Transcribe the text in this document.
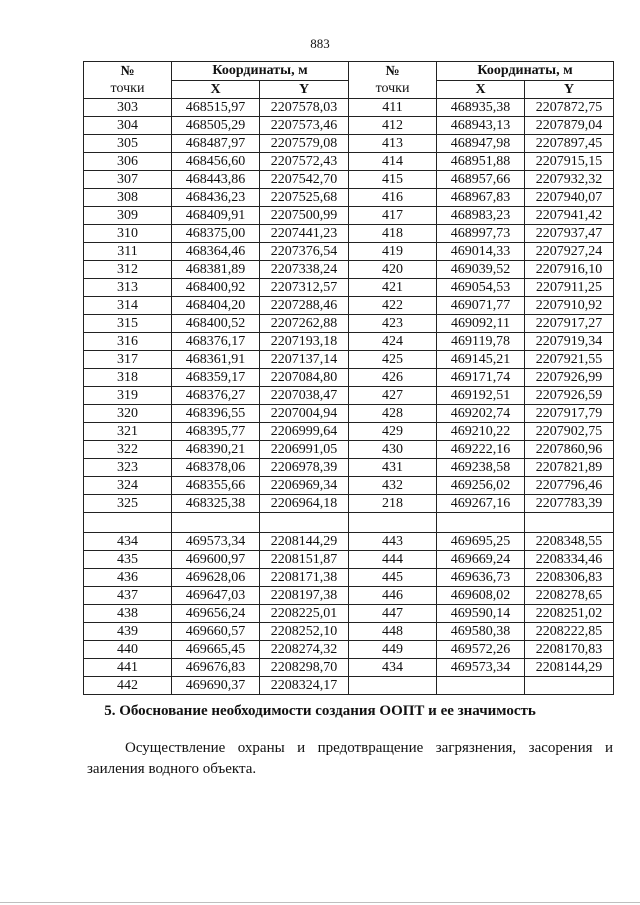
883
№	Координаты, м		№	Координаты, м	
точки	X	Y	точки	X	Y
303	468515,97	2207578,03	411	468935,38	2207872,75
304	468505,29	2207573,46	412	468943,13	2207879,04
305	468487,97	2207579,08	413	468947,98	2207897,45
306	468456,60	2207572,43	414	468951,88	2207915,15
307	468443,86	2207542,70	415	468957,66	2207932,32
308	468436,23	2207525,68	416	468967,83	2207940,07
309	468409,91	2207500,99	417	468983,23	2207941,42
310	468375,00	2207441,23	418	468997,73	2207937,47
311	468364,46	2207376,54	419	469014,33	2207927,24
312	468381,89	2207338,24	420	469039,52	2207916,10
313	468400,92	2207312,57	421	469054,53	2207911,25
314	468404,20	2207288,46	422	469071,77	2207910,92
315	468400,52	2207262,88	423	469092,11	2207917,27
316	468376,17	2207193,18	424	469119,78	2207919,34
317	468361,91	2207137,14	425	469145,21	2207921,55
318	468359,17	2207084,80	426	469171,74	2207926,99
319	468376,27	2207038,47	427	469192,51	2207926,59
320	468396,55	2207004,94	428	469202,74	2207917,79
321	468395,77	2206999,64	429	469210,22	2207902,75
322	468390,21	2206991,05	430	469222,16	2207860,96
323	468378,06	2206978,39	431	469238,58	2207821,89
324	468355,66	2206969,34	432	469256,02	2207796,46
325	468325,38	2206964,18	218	469267,16	2207783,39

434	469573,34	2208144,29	443	469695,25	2208348,55
435	469600,97	2208151,87	444	469669,24	2208334,46
436	469628,06	2208171,38	445	469636,73	2208306,83
437	469647,03	2208197,38	446	469608,02	2208278,65
438	469656,24	2208225,01	447	469590,14	2208251,02
439	469660,57	2208252,10	448	469580,38	2208222,85
440	469665,45	2208274,32	449	469572,26	2208170,83
441	469676,83	2208298,70	434	469573,34	2208144,29
442	469690,37	2208324,17			
5. Обоснование необходимости создания ООПТ и ее значимость

Осуществление охраны и предотвращение загрязнения, засорения и заиления водного объекта.
